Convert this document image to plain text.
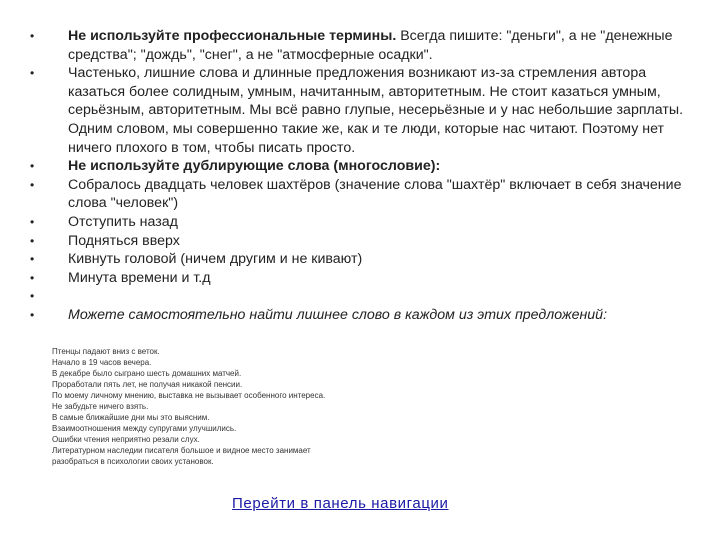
• Не используйте профессиональные термины. Всегда пишите: "деньги", а не "денежные средства"; "дождь", "снег", а не "атмосферные осадки".
• Частенько, лишние слова и длинные предложения возникают из-за стремления автора казаться более солидным, умным, начитанным, авторитетным. Не стоит казаться умным, серьёзным, авторитетным. Мы всё равно глупые, несерьёзные и у нас небольшие зарплаты. Одним словом, мы совершенно такие же, как и те люди, которые нас читают. Поэтому нет ничего плохого в том, чтобы писать просто.
• Не используйте дублирующие слова (многословие):
• Собралось двадцать человек шахтёров (значение слова "шахтёр" включает в себя значение слова "человек")
• Отступить назад
• Подняться вверх
• Кивнуть головой (ничем другим и не кивают)
• Минута времени и т.д
•
• Можете самостоятельно найти лишнее слово в каждом из этих предложений:
Птенцы падают вниз с веток.
Начало в 19 часов вечера.
В декабре было сыграно шесть домашних матчей.
Проработали пять лет, не получая никакой пенсии.
По моему личному мнению, выставка не вызывает особенного интереса.
Не забудьте ничего взять.
В самые ближайшие дни мы это выясним.
Взаимоотношения между супругами улучшились.
Ошибки чтения неприятно резали слух.
Литературном наследии писателя большое и видное место занимает
разобраться в психологии своих установок.
Перейти в панель навигации
